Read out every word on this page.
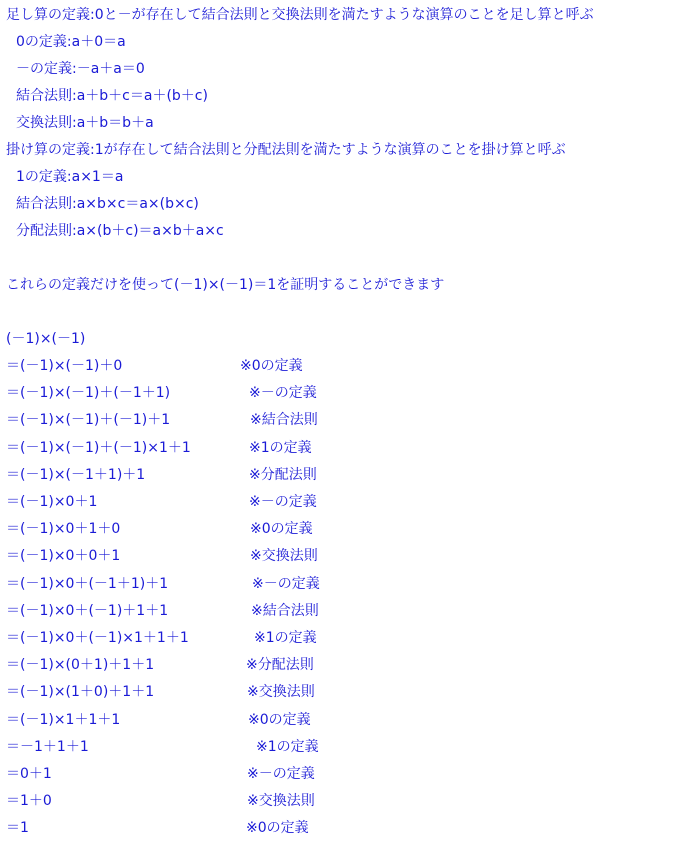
足し算の定義:0と－が存在して結合法則と交換法則を満たすような演算のことを足し算と呼ぶ
0の定義:a＋0＝a
－の定義:－a＋a＝0
結合法則:a＋b＋c＝a＋(b＋c)
交換法則:a＋b＝b＋a
掛け算の定義:1が存在して結合法則と分配法則を満たすような演算のことを掛け算と呼ぶ
1の定義:a×1＝a
結合法則:a×b×c＝a×(b×c)
分配法則:a×(b＋c)＝a×b＋a×c
これらの定義だけを使って(－1)×(－1)＝1を証明することができます
(－1)×(－1)
＝(－1)×(－1)＋0	※0の定義
＝(－1)×(－1)＋(－1＋1)	※－の定義
＝(－1)×(－1)＋(－1)＋1	※結合法則
＝(－1)×(－1)＋(－1)×1＋1	※1の定義
＝(－1)×(－1＋1)＋1	※分配法則
＝(－1)×0＋1	※－の定義
＝(－1)×0＋1＋0	※0の定義
＝(－1)×0＋0＋1	※交換法則
＝(－1)×0＋(－1＋1)＋1	※－の定義
＝(－1)×0＋(－1)＋1＋1	※結合法則
＝(－1)×0＋(－1)×1＋1＋1	※1の定義
＝(－1)×(0＋1)＋1＋1	※分配法則
＝(－1)×(1＋0)＋1＋1	※交換法則
＝(－1)×1＋1＋1	※0の定義
＝－1＋1＋1	※1の定義
＝0＋1	※－の定義
＝1＋0	※交換法則
＝1	※0の定義
